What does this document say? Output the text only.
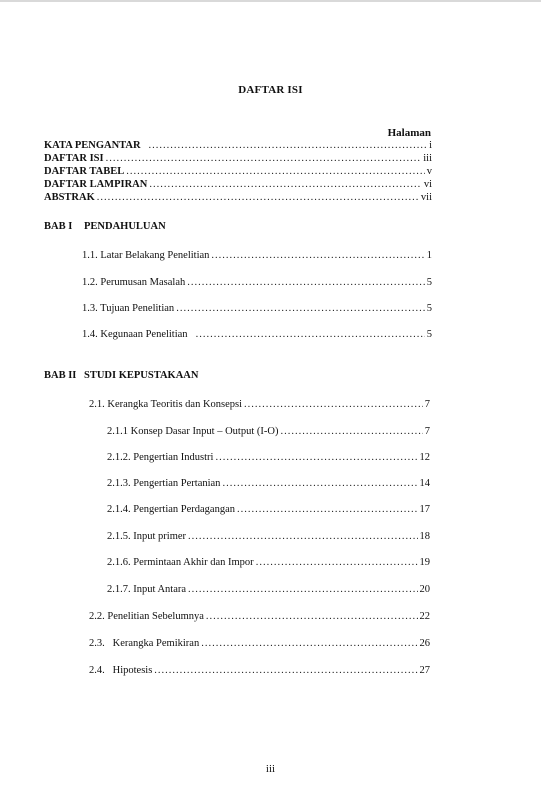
DAFTAR ISI
Halaman
KATA PENGANTAR .....	i
DAFTAR ISI .....	iii
DAFTAR TABEL .....	v
DAFTAR LAMPIRAN .....	vi
ABSTRAK .....	vii
BAB I PENDAHULUAN
1.1. Latar Belakang Penelitian .....	1
1.2. Perumusan Masalah .....	5
1.3. Tujuan Penelitian .....	5
1.4. Kegunaan Penelitian .....	5
BAB II STUDI KEPUSTAKAAN
2.1. Kerangka Teoritis dan Konsepsi .....	7
2.1.1 Konsep Dasar Input – Output (I-O) .....	7
2.1.2. Pengertian Industri .....	12
2.1.3. Pengertian Pertanian .....	14
2.1.4. Pengertian Perdagangan .....	17
2.1.5. Input primer .....	18
2.1.6. Permintaan Akhir dan Impor .....	19
2.1.7. Input Antara .....	20
2.2. Penelitian Sebelumnya .....	22
2.3.   Kerangka Pemikiran .....	26
2.4.   Hipotesis .....	27
iii
